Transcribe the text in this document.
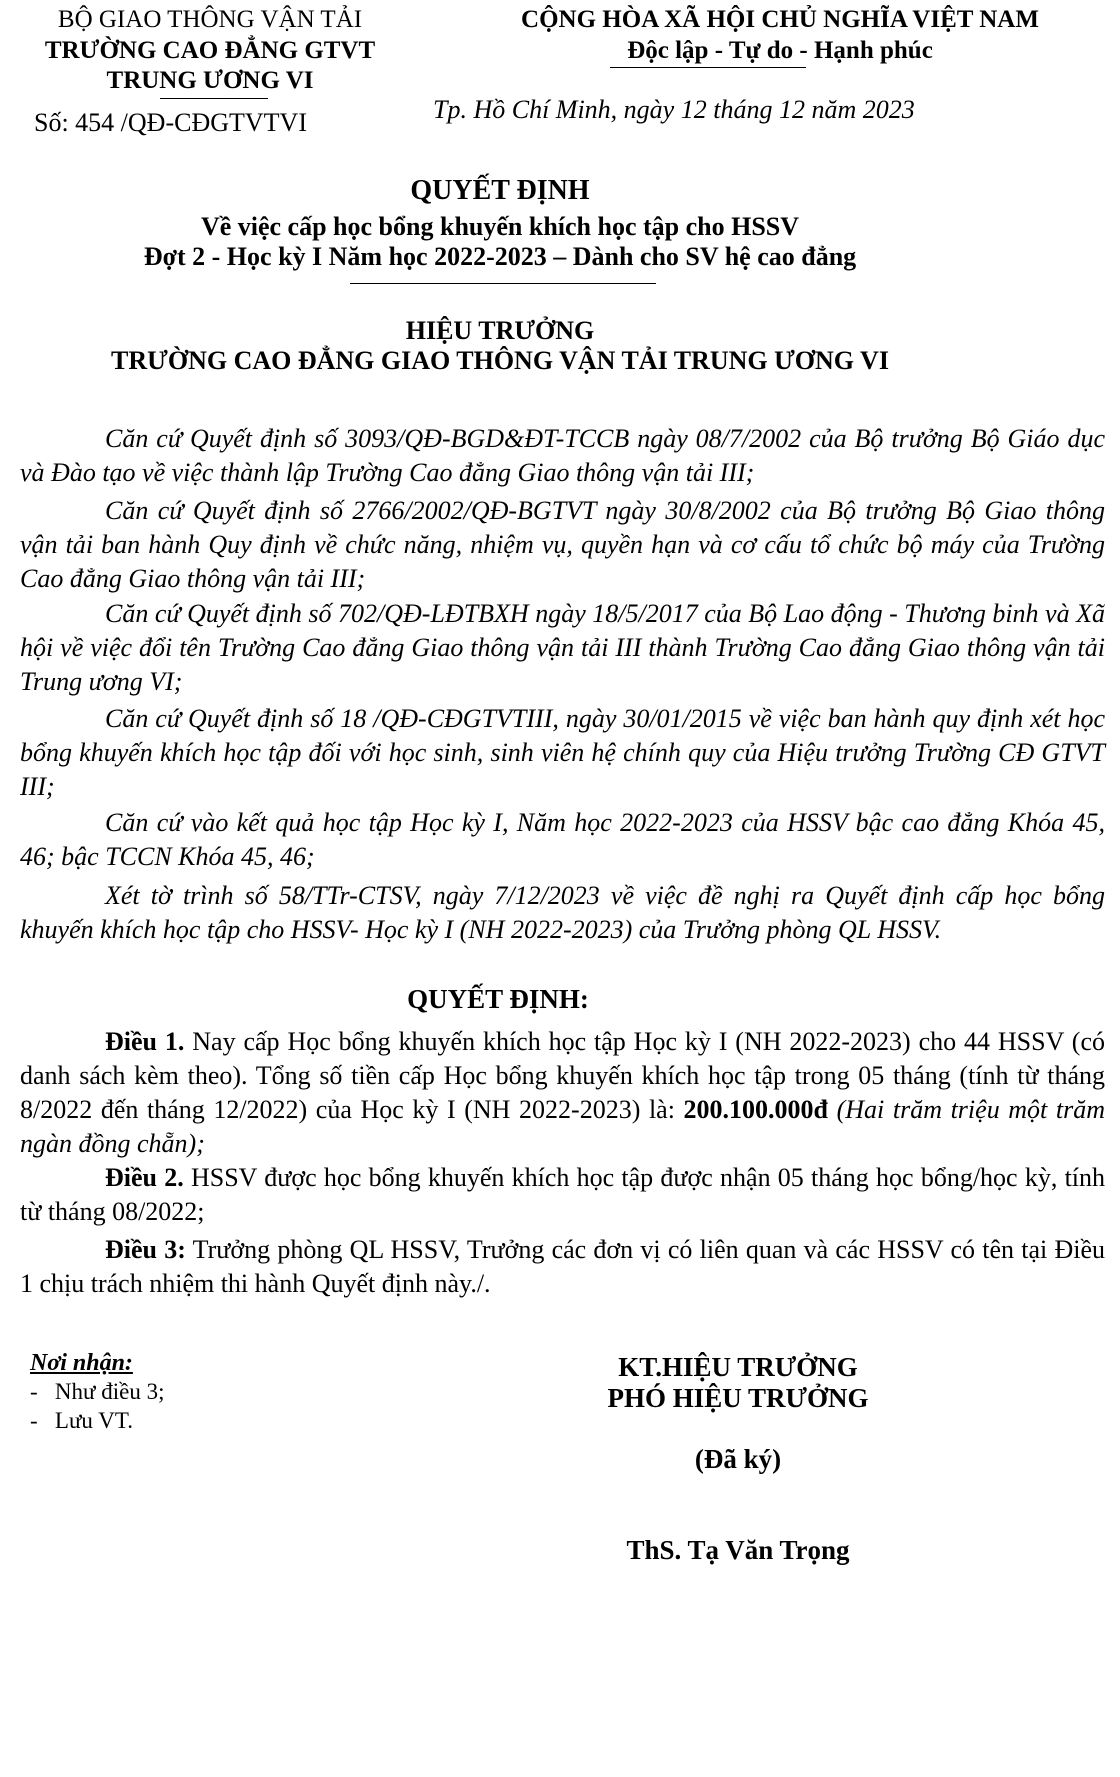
BỘ GIAO THÔNG VẬN TẢI
TRƯỜNG CAO ĐẲNG GTVT
TRUNG ƯƠNG VI
Số: 454 /QĐ-CĐGTVTVI
CỘNG HÒA XÃ HỘI CHỦ NGHĨA VIỆT NAM
Độc lập - Tự do - Hạnh phúc
Tp. Hồ Chí Minh, ngày 12 tháng 12 năm 2023
QUYẾT ĐỊNH
Về việc cấp học bổng khuyến khích học tập cho HSSV
Đợt 2 - Học kỳ I Năm học 2022-2023 – Dành cho SV hệ cao đẳng
HIỆU TRƯỞNG
TRƯỜNG CAO ĐẲNG GIAO THÔNG VẬN TẢI TRUNG ƯƠNG VI
Căn cứ Quyết định số 3093/QĐ-BGD&ĐT-TCCB ngày 08/7/2002 của Bộ trưởng Bộ Giáo dục và Đào tạo về việc thành lập Trường Cao đẳng Giao thông vận tải III;
Căn cứ Quyết định số 2766/2002/QĐ-BGTVT ngày 30/8/2002 của Bộ trưởng Bộ Giao thông vận tải ban hành Quy định về chức năng, nhiệm vụ, quyền hạn và cơ cấu tổ chức bộ máy của Trường Cao đẳng Giao thông vận tải III;
Căn cứ Quyết định số 702/QĐ-LĐTBXH ngày 18/5/2017 của Bộ Lao động - Thương binh và Xã hội về việc đổi tên Trường Cao đẳng Giao thông vận tải III thành Trường Cao đẳng Giao thông vận tải Trung ương VI;
Căn cứ Quyết định số 18 /QĐ-CĐGTVTIII, ngày 30/01/2015 về việc ban hành quy định xét học bổng khuyến khích học tập đối với học sinh, sinh viên hệ chính quy của Hiệu trưởng Trường CĐ GTVT III;
Căn cứ vào kết quả học tập Học kỳ I, Năm học 2022-2023 của HSSV bậc cao đẳng Khóa 45, 46; bậc TCCN Khóa 45, 46;
Xét tờ trình số 58/TTr-CTSV, ngày 7/12/2023 về việc đề nghị ra Quyết định cấp học bổng khuyến khích học tập cho HSSV- Học kỳ I (NH 2022-2023) của Trưởng phòng QL HSSV.
QUYẾT ĐỊNH:
Điều 1. Nay cấp Học bổng khuyến khích học tập Học kỳ I (NH 2022-2023) cho 44 HSSV (có danh sách kèm theo). Tổng số tiền cấp Học bổng khuyến khích học tập trong 05 tháng (tính từ tháng 8/2022 đến tháng 12/2022) của Học kỳ I (NH 2022-2023) là: 200.100.000đ (Hai trăm triệu một trăm ngàn đồng chẵn);
Điều 2. HSSV được học bổng khuyến khích học tập được nhận 05 tháng học bổng/học kỳ, tính từ tháng 08/2022;
Điều 3: Trưởng phòng QL HSSV, Trưởng các đơn vị có liên quan và các HSSV có tên tại Điều 1 chịu trách nhiệm thi hành Quyết định này./.
Nơi nhận:
-   Như điều 3;
-   Lưu VT.
KT.HIỆU TRƯỞNG
PHÓ HIỆU TRƯỞNG
(Đã ký)
ThS. Tạ Văn Trọng
